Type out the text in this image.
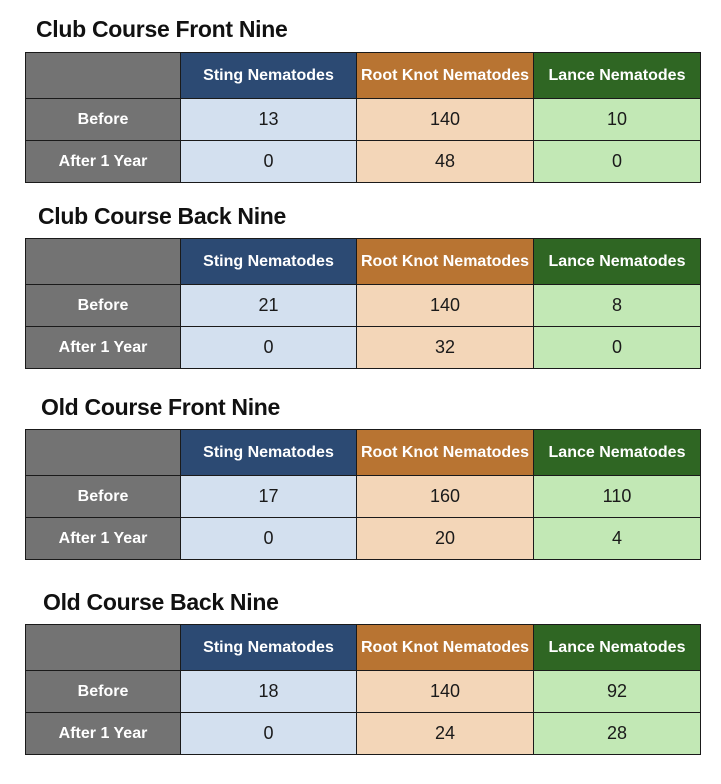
Club Course Front Nine
	Sting Nematodes	Root Knot Nematodes	Lance Nematodes
Before	13	140	10
After 1 Year	0	48	0
Club Course Back Nine
	Sting Nematodes	Root Knot Nematodes	Lance Nematodes
Before	21	140	8
After 1 Year	0	32	0
Old Course Front Nine
	Sting Nematodes	Root Knot Nematodes	Lance Nematodes
Before	17	160	110
After 1 Year	0	20	4
Old Course Back Nine
	Sting Nematodes	Root Knot Nematodes	Lance Nematodes
Before	18	140	92
After 1 Year	0	24	28
